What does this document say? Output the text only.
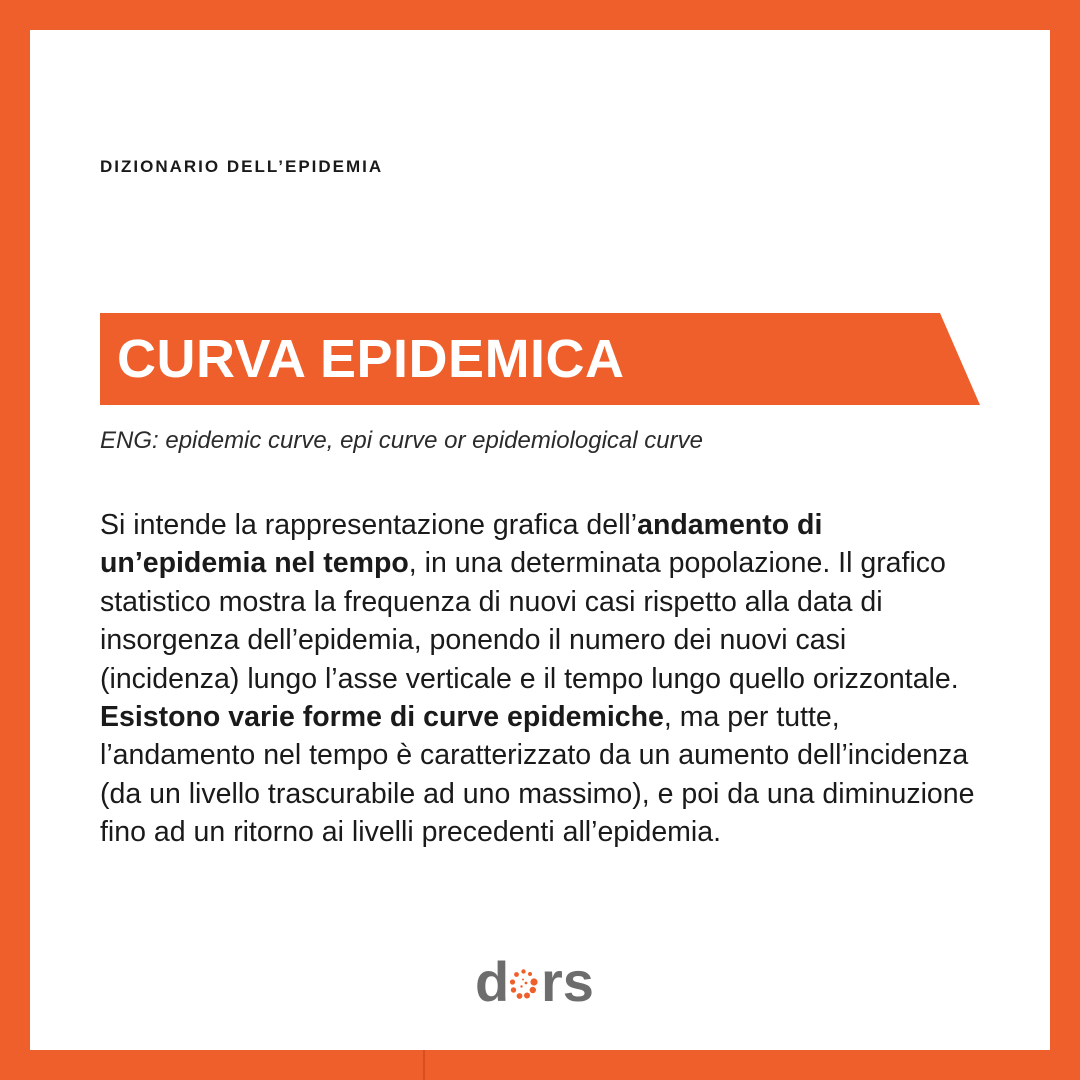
DIZIONARIO DELL’EPIDEMIA

CURVA EPIDEMICA

ENG: epidemic curve, epi curve or epidemiological curve

Si intende la rappresentazione grafica dell’andamento di un’epidemia nel tempo, in una determinata popolazione. Il grafico statistico mostra la frequenza di nuovi casi rispetto alla data di insorgenza dell’epidemia, ponendo il numero dei nuovi casi (incidenza) lungo l’asse verticale e il tempo lungo quello orizzontale.
Esistono varie forme di curve epidemiche, ma per tutte, l’andamento nel tempo è caratterizzato da un aumento dell’incidenza (da un livello trascurabile ad uno massimo), e poi da una diminuzione fino ad un ritorno ai livelli precedenti all’epidemia.

d rs
